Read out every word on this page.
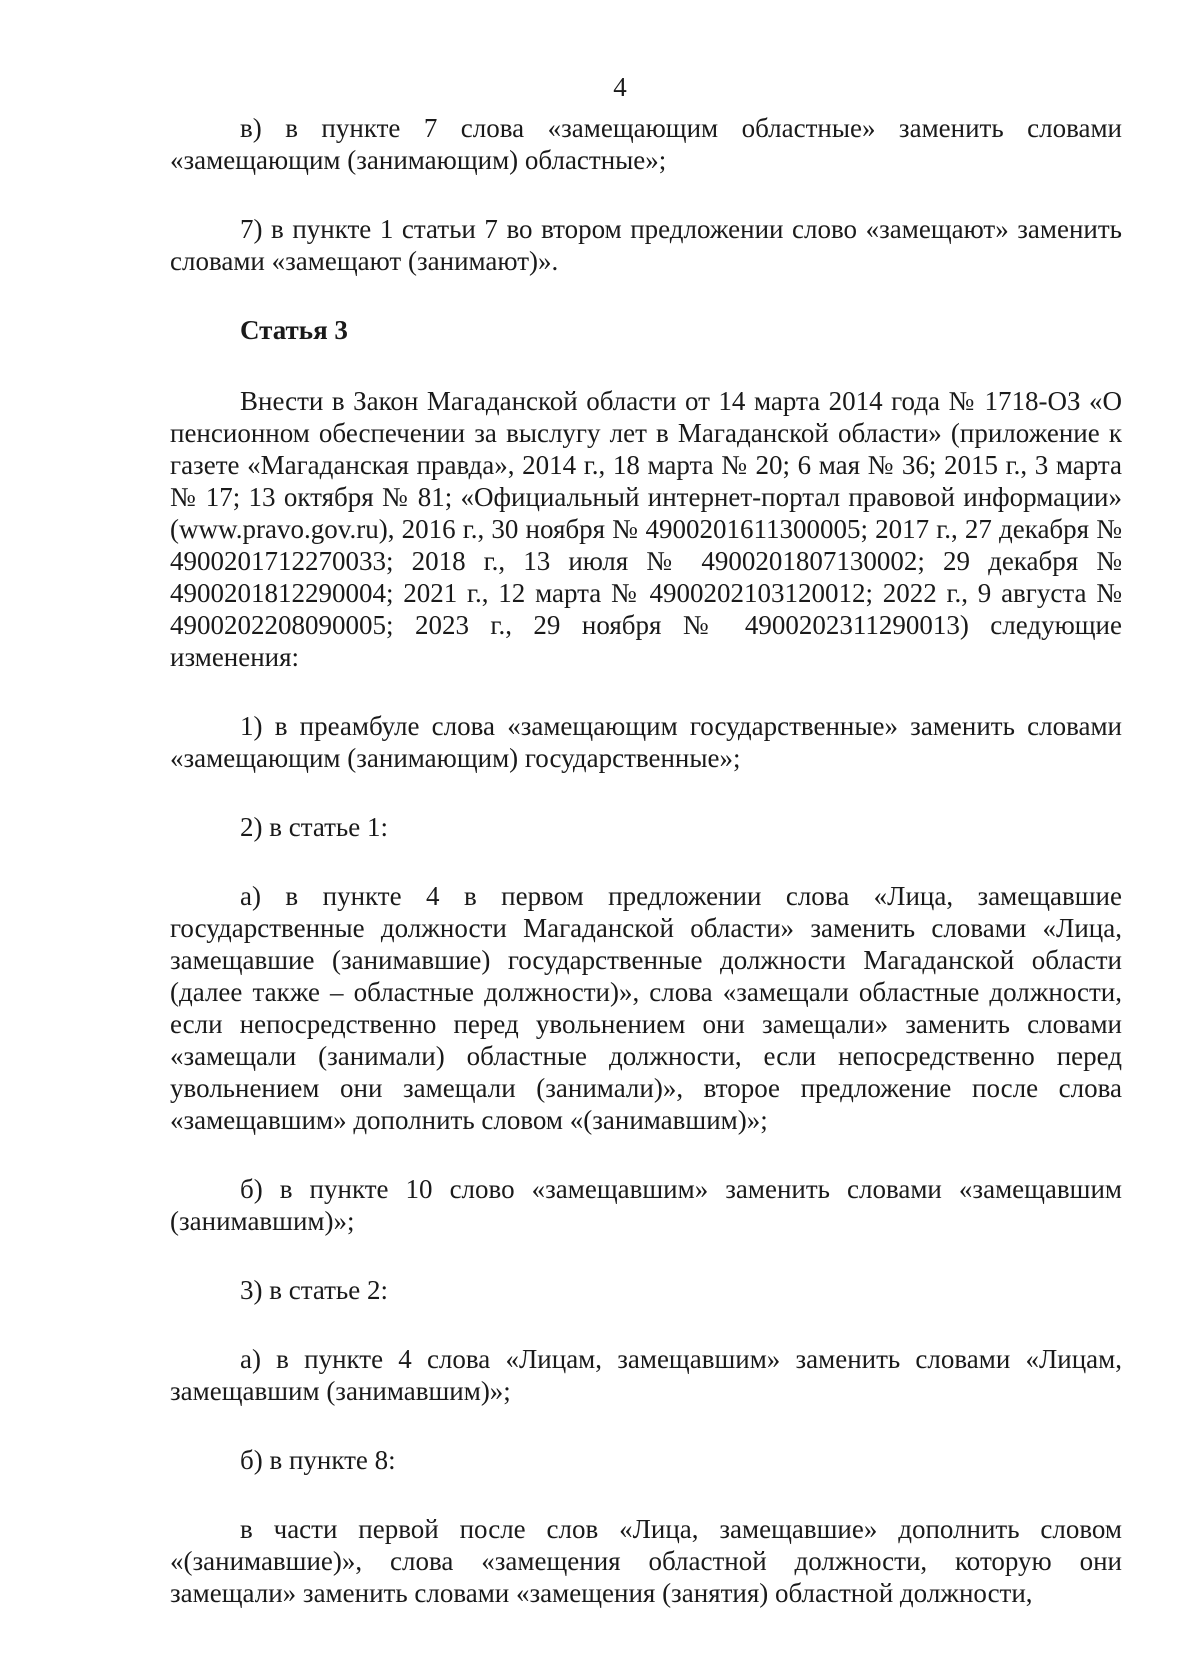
4

в) в пункте 7 слова «замещающим областные» заменить словами «замещающим (занимающим) областные»;

7) в пункте 1 статьи 7 во втором предложении слово «замещают» заменить словами «замещают (занимают)».

Статья 3

Внести в Закон Магаданской области от 14 марта 2014 года № 1718-ОЗ «О пенсионном обеспечении за выслугу лет в Магаданской области» (приложение к газете «Магаданская правда», 2014 г., 18 марта № 20; 6 мая № 36; 2015 г., 3 марта № 17; 13 октября № 81; «Официальный интернет-портал правовой информации» (www.pravo.gov.ru), 2016 г., 30 ноября № 4900201611300005; 2017 г., 27 декабря № 4900201712270033; 2018 г., 13 июля № 4900201807130002; 29 декабря № 4900201812290004; 2021 г., 12 марта № 4900202103120012; 2022 г., 9 августа № 4900202208090005; 2023 г., 29 ноября № 4900202311290013) следующие изменения:

1) в преамбуле слова «замещающим государственные» заменить словами «замещающим (занимающим) государственные»;

2) в статье 1:

а) в пункте 4 в первом предложении слова «Лица, замещавшие государственные должности Магаданской области» заменить словами «Лица, замещавшие (занимавшие) государственные должности Магаданской области (далее также – областные должности)», слова «замещали областные должности, если непосредственно перед увольнением они замещали» заменить словами «замещали (занимали) областные должности, если непосредственно перед увольнением они замещали (занимали)», второе предложение после слова «замещавшим» дополнить словом «(занимавшим)»;

б) в пункте 10 слово «замещавшим» заменить словами «замещавшим (занимавшим)»;

3) в статье 2:

а) в пункте 4 слова «Лицам, замещавшим» заменить словами «Лицам, замещавшим (занимавшим)»;

б) в пункте 8:

в части первой после слов «Лица, замещавшие» дополнить словом «(занимавшие)», слова «замещения областной должности, которую они замещали» заменить словами «замещения (занятия) областной должности,
